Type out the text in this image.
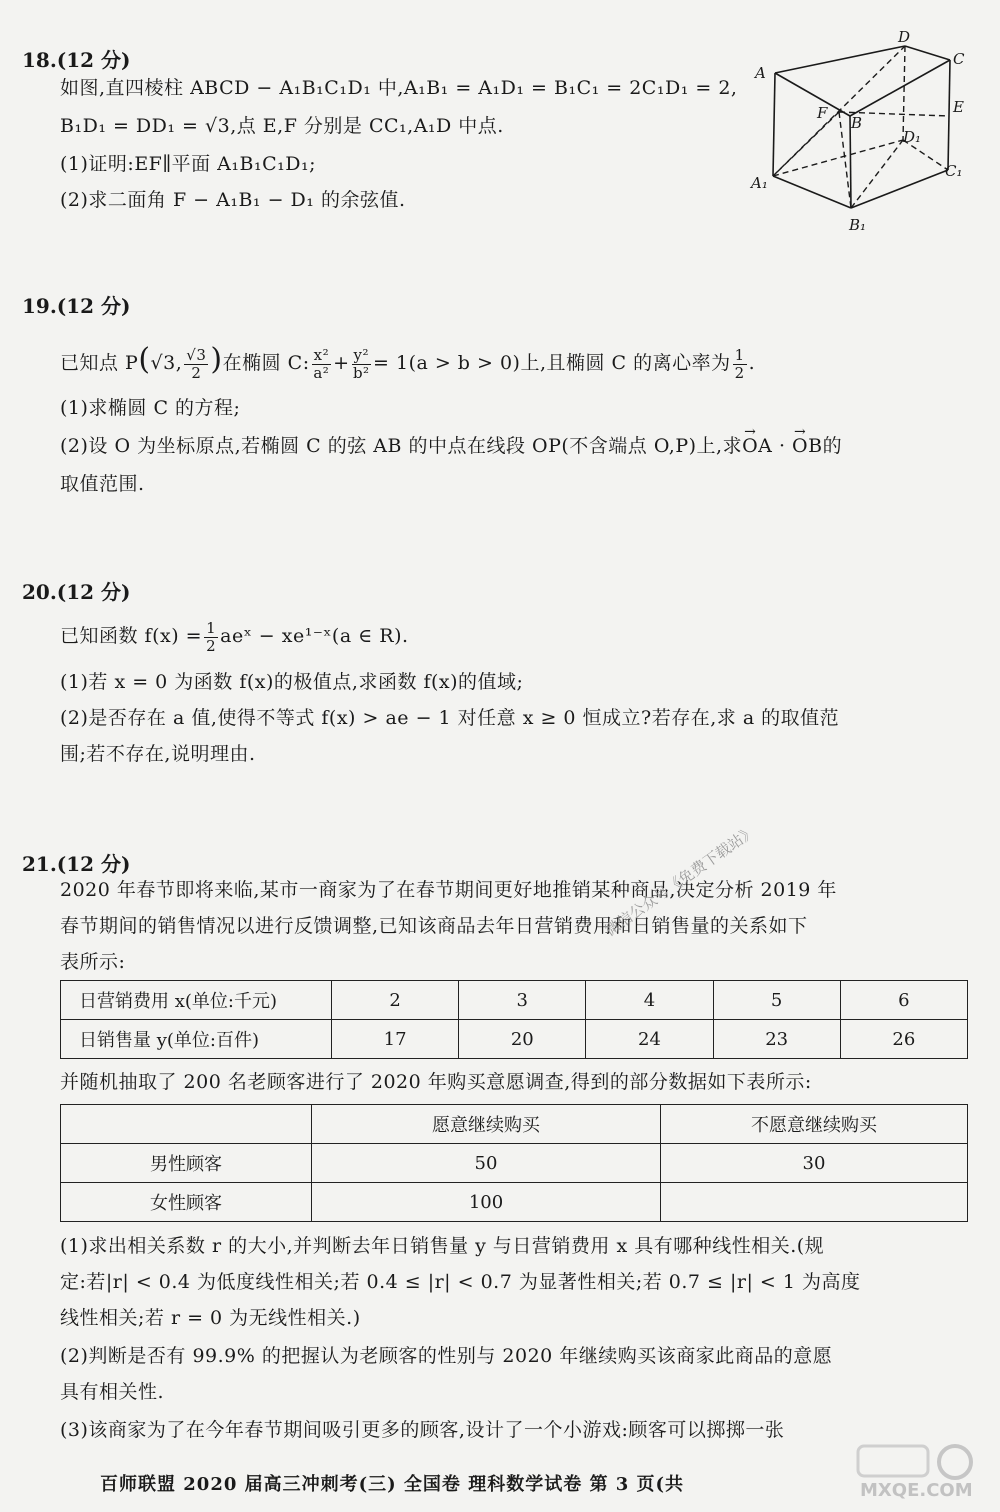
18.(12 分)
如图,直四棱柱 ABCD − A₁B₁C₁D₁ 中,A₁B₁ = A₁D₁ = B₁C₁ = 2C₁D₁ = 2,
B₁D₁ = DD₁ = √3,点 E,F 分别是 CC₁,A₁D 中点.
(1)证明:EF∥平面 A₁B₁C₁D₁;
(2)求二面角 F − A₁B₁ − D₁ 的余弦值.
A
D
C
E
F
B
D₁
C₁
A₁
B₁
19.(12 分)
已知点 P(√3, $\frac{√3}{2}$ )在椭圆 C: $\frac{\text{x²}}{\text{a²}} + \frac{\text{y²}}{\text{b²}} = 1(a > b > 0)$上,且椭圆 C 的离心率为 $\frac{1}{2}$ .
(1)求椭圆 C 的方程;
(2)设 O 为坐标原点,若椭圆 C 的弦 AB 的中点在线段 OP(不含端点 O,P)上,求→ OA · → OB的
取值范围.
20.(12 分)
已知函数 $f(x) = \frac{1}{2}$ aeˣ − xe¹⁻ˣ(a ∈ R).
(1)若 x = 0 为函数 f(x)的极值点,求函数 f(x)的值域;
(2)是否存在 a 值,使得不等式 f(x) > ae − 1 对任意 x ≥ 0 恒成立?若存在,求 a 的取值范
围;若不存在,说明理由.
21.(12 分)
2020 年春节即将来临,某市一商家为了在春节期间更好地推销某种商品,决定分析 2019 年
春节期间的销售情况以进行反馈调整,已知该商品去年日营销费用和日销售量的关系如下
表所示:
日营销费用 x(单位:千元)	2	3	4	5	6
日销售量 y(单位:百件)	17	20	24	23	26
并随机抽取了 200 名老顾客进行了 2020 年购买意愿调查,得到的部分数据如下表所示:
	愿意继续购买	不愿意继续购买
男性顾客	50	30
女性顾客	100	
(1)求出相关系数 r 的大小,并判断去年日销售量 y 与日营销费用 x 具有哪种线性相关.(规
定:若|r| < 0.4 为低度线性相关;若 0.4 ≤ |r| < 0.7 为显著性相关;若 0.7 ≤ |r| < 1 为高度
线性相关;若 r = 0 为无线性相关.)
(2)判断是否有 99.9% 的把握认为老顾客的性别与 2020 年继续购买该商家此商品的意愿
具有相关性.
(3)该商家为了在今年春节期间吸引更多的顾客,设计了一个小游戏:顾客可以掷掷一张
微信公众号《免费下载站》
百师联盟 2020 届高三冲刺考(三) 全国卷 理科数学试卷 第 3 页(共	MXQE.COM
